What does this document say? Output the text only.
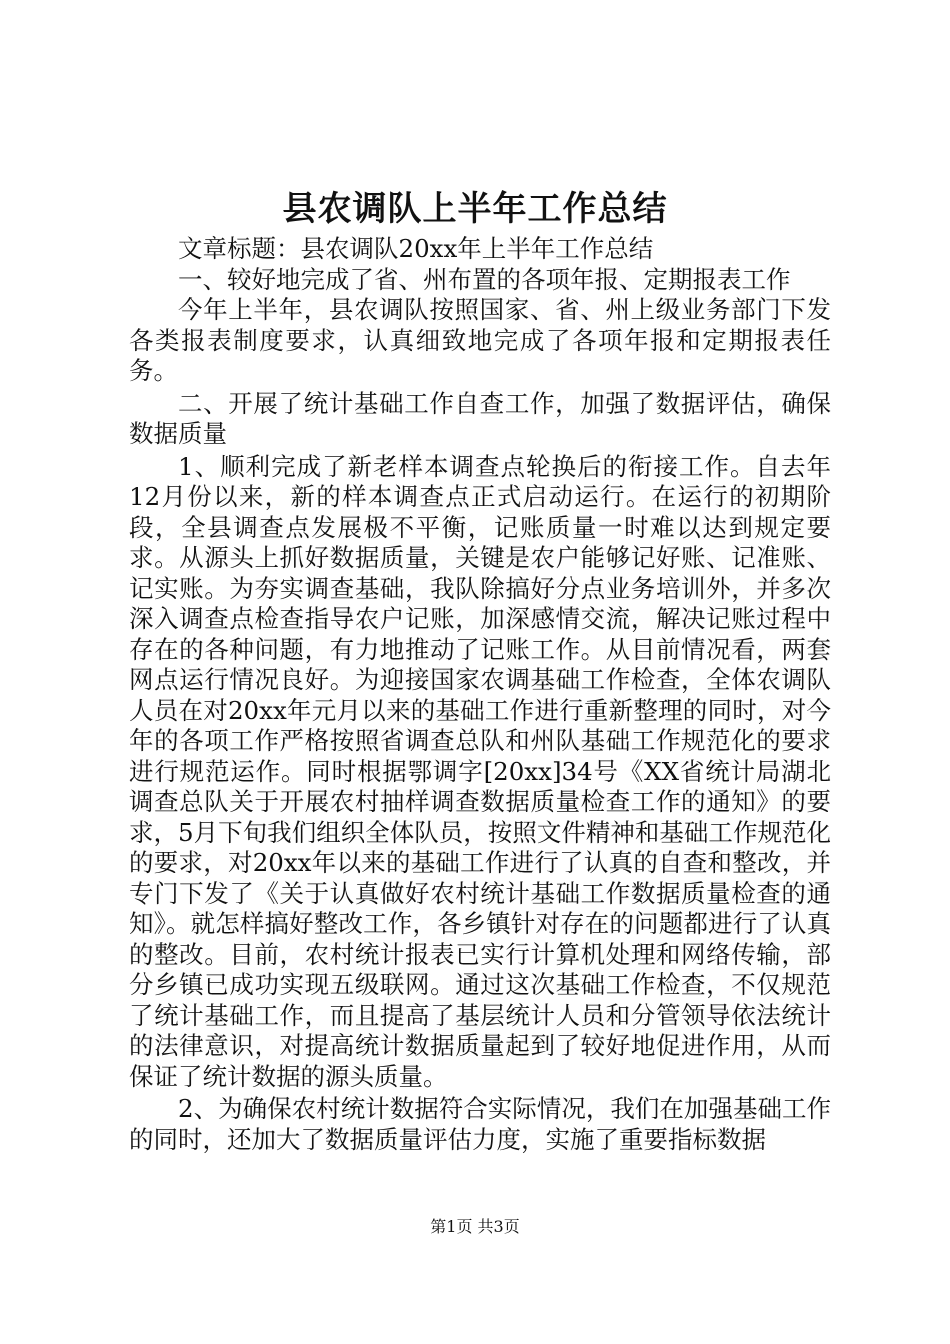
县农调队上半年工作总结

文章标题：县农调队20xx年上半年工作总结

一、较好地完成了省、州布置的各项年报、定期报表工作

今年上半年，县农调队按照国家、省、州上级业务部门下发各类报表制度要求，认真细致地完成了各项年报和定期报表任务。

二、开展了统计基础工作自查工作，加强了数据评估，确保数据质量

1、顺利完成了新老样本调查点轮换后的衔接工作。自去年12月份以来，新的样本调查点正式启动运行。在运行的初期阶段，全县调查点发展极不平衡，记账质量一时难以达到规定要求。从源头上抓好数据质量，关键是农户能够记好账、记准账、记实账。为夯实调查基础，我队除搞好分点业务培训外，并多次深入调查点检查指导农户记账，加深感情交流，解决记账过程中存在的各种问题，有力地推动了记账工作。从目前情况看，两套网点运行情况良好。为迎接国家农调基础工作检查，全体农调队人员在对20xx年元月以来的基础工作进行重新整理的同时，对今年的各项工作严格按照省调查总队和州队基础工作规范化的要求进行规范运作。同时根据鄂调字[20xx]34号《XX省统计局湖北调查总队关于开展农村抽样调查数据质量检查工作的通知》的要求，5月下旬我们组织全体队员，按照文件精神和基础工作规范化的要求，对20xx年以来的基础工作进行了认真的自查和整改，并专门下发了《关于认真做好农村统计基础工作数据质量检查的通知》。就怎样搞好整改工作，各乡镇针对存在的问题都进行了认真的整改。目前，农村统计报表已实行计算机处理和网络传输，部分乡镇已成功实现五级联网。通过这次基础工作检查，不仅规范了统计基础工作，而且提高了基层统计人员和分管领导依法统计的法律意识，对提高统计数据质量起到了较好地促进作用，从而保证了统计数据的源头质量。

2、为确保农村统计数据符合实际情况，我们在加强基础工作的同时，还加大了数据质量评估力度，实施了重要指标数据

第1页 共3页
